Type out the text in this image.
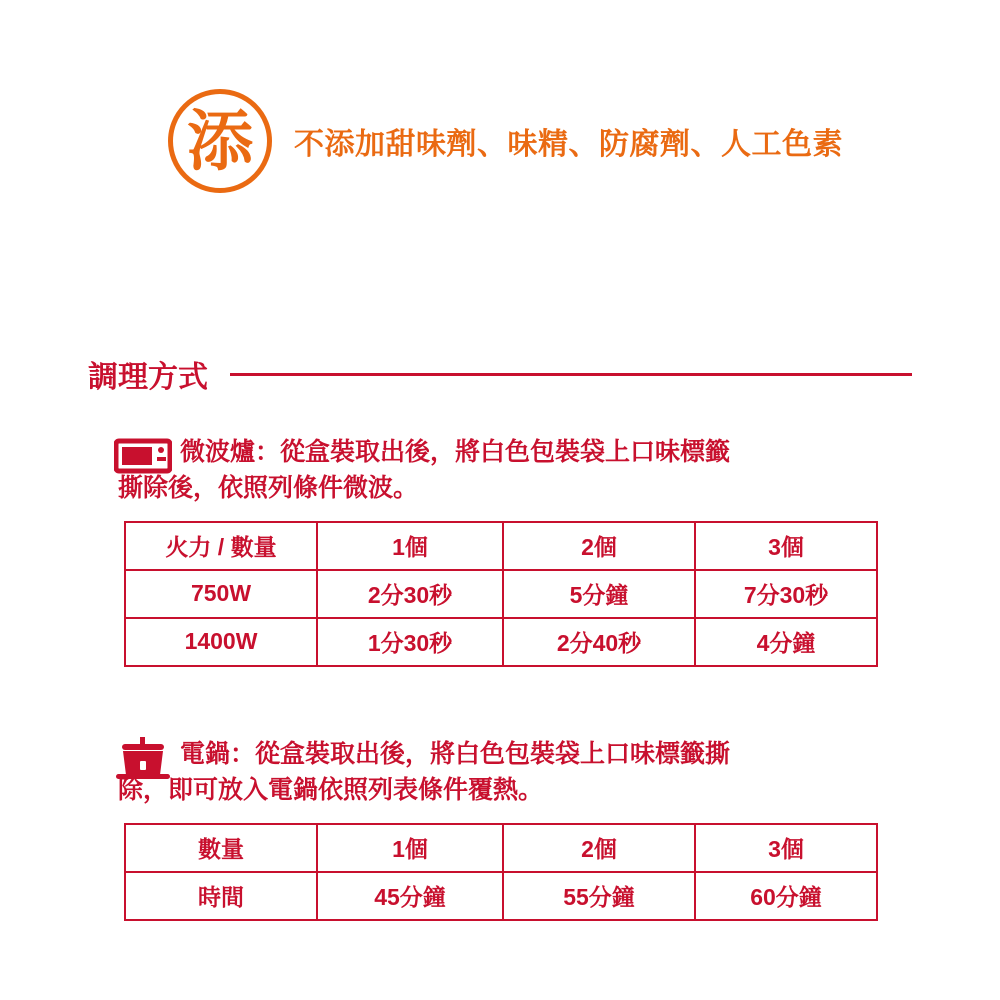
添 不添加甜味劑、味精、防腐劑、人工色素
調理方式
微波爐：從盒裝取出後，將白色包裝袋上口味標籤
撕除後，依照列條件微波。
火力 / 數量	1個	2個	3個
750W	2分30秒	5分鐘	7分30秒
1400W	1分30秒	2分40秒	4分鐘
電鍋：從盒裝取出後，將白色包裝袋上口味標籤撕
除，即可放入電鍋依照列表條件覆熱。
數量	1個	2個	3個
時間	45分鐘	55分鐘	60分鐘
